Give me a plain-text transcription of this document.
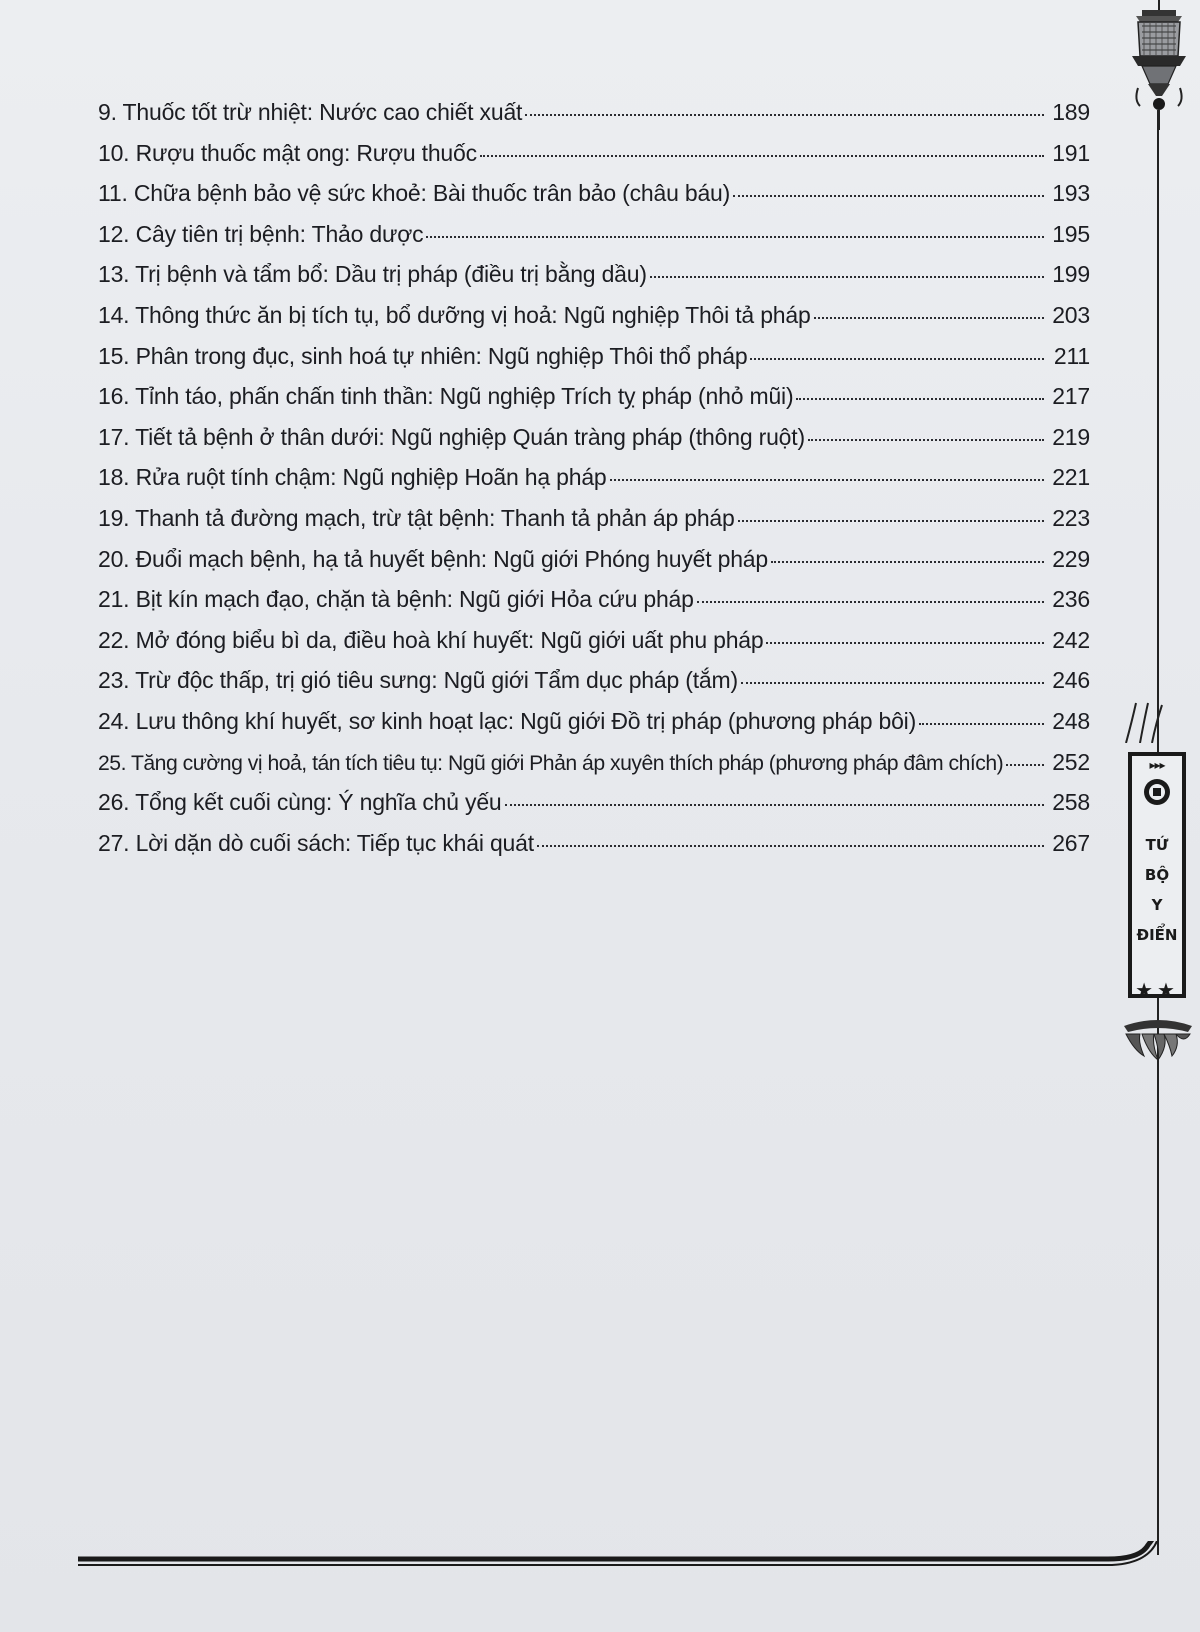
9. Thuốc tốt trừ nhiệt: Nước cao chiết xuất	189
10. Rượu thuốc mật ong: Rượu thuốc	191
11. Chữa bệnh bảo vệ sức khoẻ: Bài thuốc trân bảo (châu báu)	193
12. Cây tiên trị bệnh: Thảo dược	195
13. Trị bệnh và tẩm bổ: Dầu trị pháp (điều trị bằng dầu)	199
14. Thông thức ăn bị tích tụ, bổ dưỡng vị hoả: Ngũ nghiệp Thôi tả pháp	203
15. Phân trong đục, sinh hoá tự nhiên: Ngũ nghiệp Thôi thổ pháp	211
16. Tỉnh táo, phấn chấn tinh thần: Ngũ nghiệp Trích tỵ pháp (nhỏ mũi)	217
17. Tiết tả bệnh ở thân dưới: Ngũ nghiệp Quán tràng pháp (thông ruột)	219
18. Rửa ruột tính chậm: Ngũ nghiệp Hoãn hạ pháp	221
19. Thanh tả đường mạch, trừ tật bệnh: Thanh tả phản áp pháp	223
20. Đuổi mạch bệnh, hạ tả huyết bệnh: Ngũ giới Phóng huyết pháp	229
21. Bịt kín mạch đạo, chặn tà bệnh: Ngũ giới Hỏa cứu pháp	236
22. Mở đóng biểu bì da, điều hoà khí huyết: Ngũ giới uất phu pháp	242
23. Trừ độc thấp, trị gió tiêu sưng: Ngũ giới Tẩm dục pháp (tắm)	246
24. Lưu thông khí huyết, sơ kinh hoạt lạc: Ngũ giới Đồ trị pháp (phương pháp bôi)	248
25. Tăng cường vị hoả, tán tích tiêu tụ: Ngũ giới Phản áp xuyên thích pháp (phương pháp đâm chích) 252
26. Tổng kết cuối cùng: Ý nghĩa chủ yếu	258
27. Lời dặn dò cuối sách: Tiếp tục khái quát	267
▸▸▸
TỨ
BỘ
Y
ĐIỂN
★★
